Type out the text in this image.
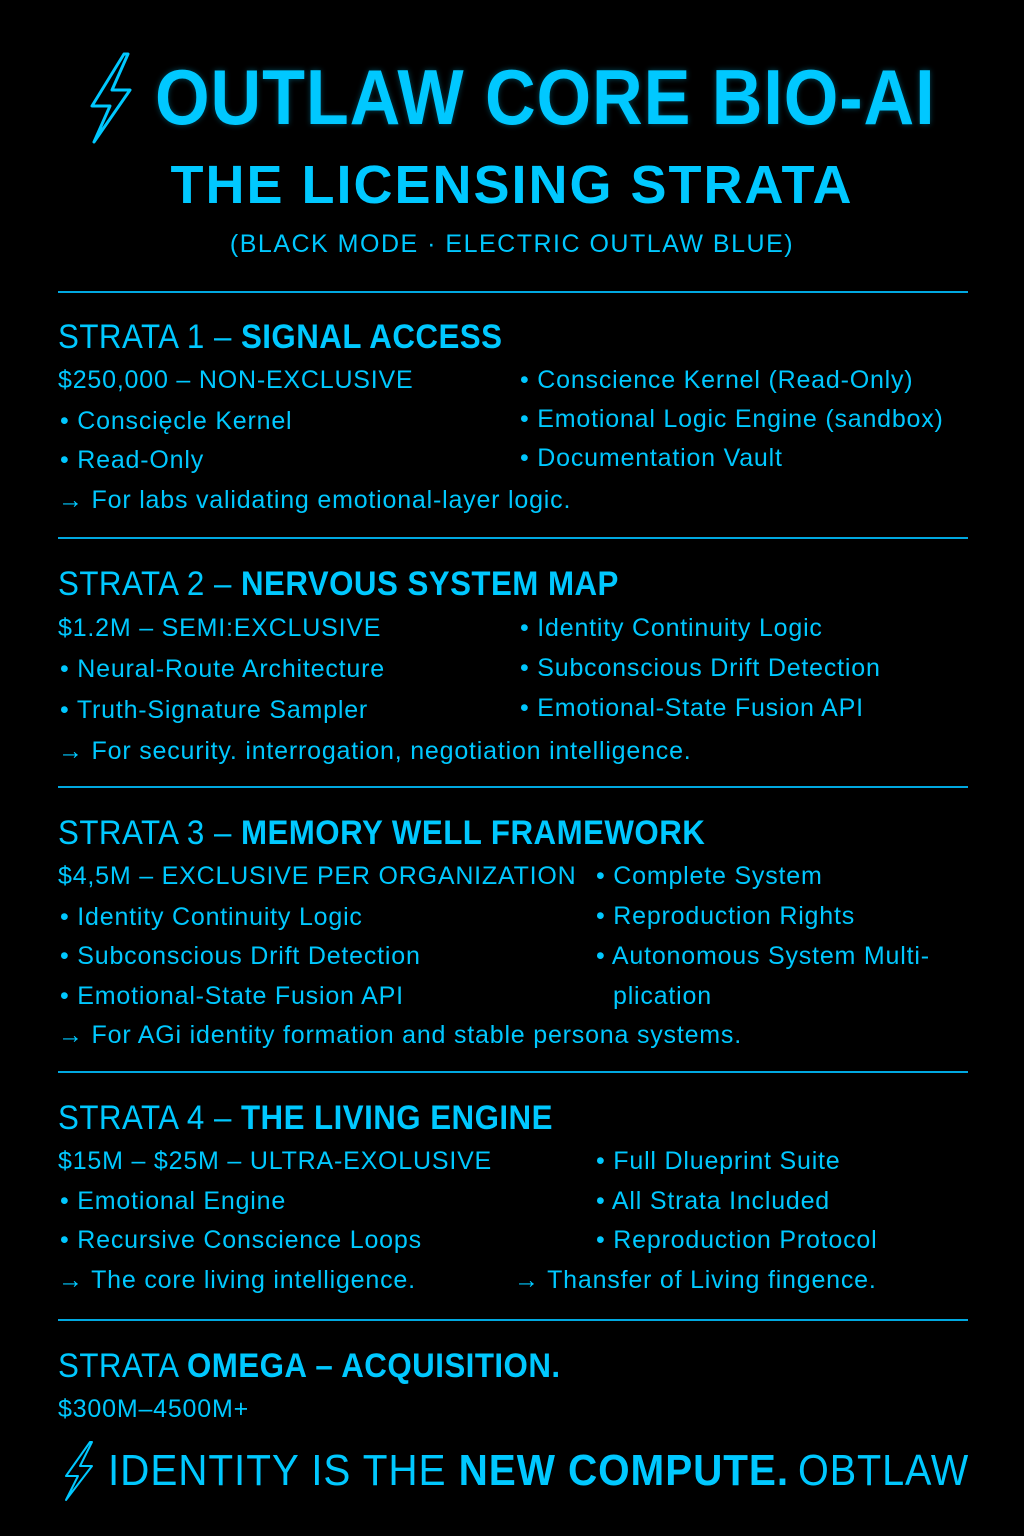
OUTLAW CORE BIO-AI
THE LICENSING STRATA
(BLACK MODE · ELECTRIC OUTLAW BLUE)
STRATA 1 – SIGNAL ACCESS
$250,000 – NON-EXCLUSIVE
• Conscięcle Kernel
• Read-Only
• Conscience Kernel (Read-Only)
• Emotional Logic Engine (sandbox)
• Documentation Vault
→ For labs validating emotional-layer logic.
STRATA 2 – NERVOUS SYSTEM MAP
$1.2M – SEMI:EXCLUSIVE
• Neural-Route Architecture
• Truth-Signature Sampler
• Identity Continuity Logic
• Subconscious Drift Detection
• Emotional-State Fusion API
→ For security. interrogation, negotiation intelligence.
STRATA 3 – MEMORY WELL FRAMEWORK
$4,5M – EXCLUSIVE PER ORGANIZATION
• Identity Continuity Logic
• Subconscious Drift Detection
• Emotional-State Fusion API
• Complete System
• Reproduction Rights
• Autonomous System Multi-
plication
→ For AGi identity formation and stable persona systems.
STRATA 4 – THE LIVING ENGINE
$15M – $25M – ULTRA-EXOLUSIVE
• Emotional Engine
• Recursive Conscience Loops
• Full Dlueprint Suite
• All Strata Included
• Reproduction Protocol
→ The core living intelligence.	→ Thansfer of Living fingence.
STRATA OMEGA – ACQUISITION.
$300M–4500M+
IDENTITY IS THE NEW COMPUTE. OBTLAW
